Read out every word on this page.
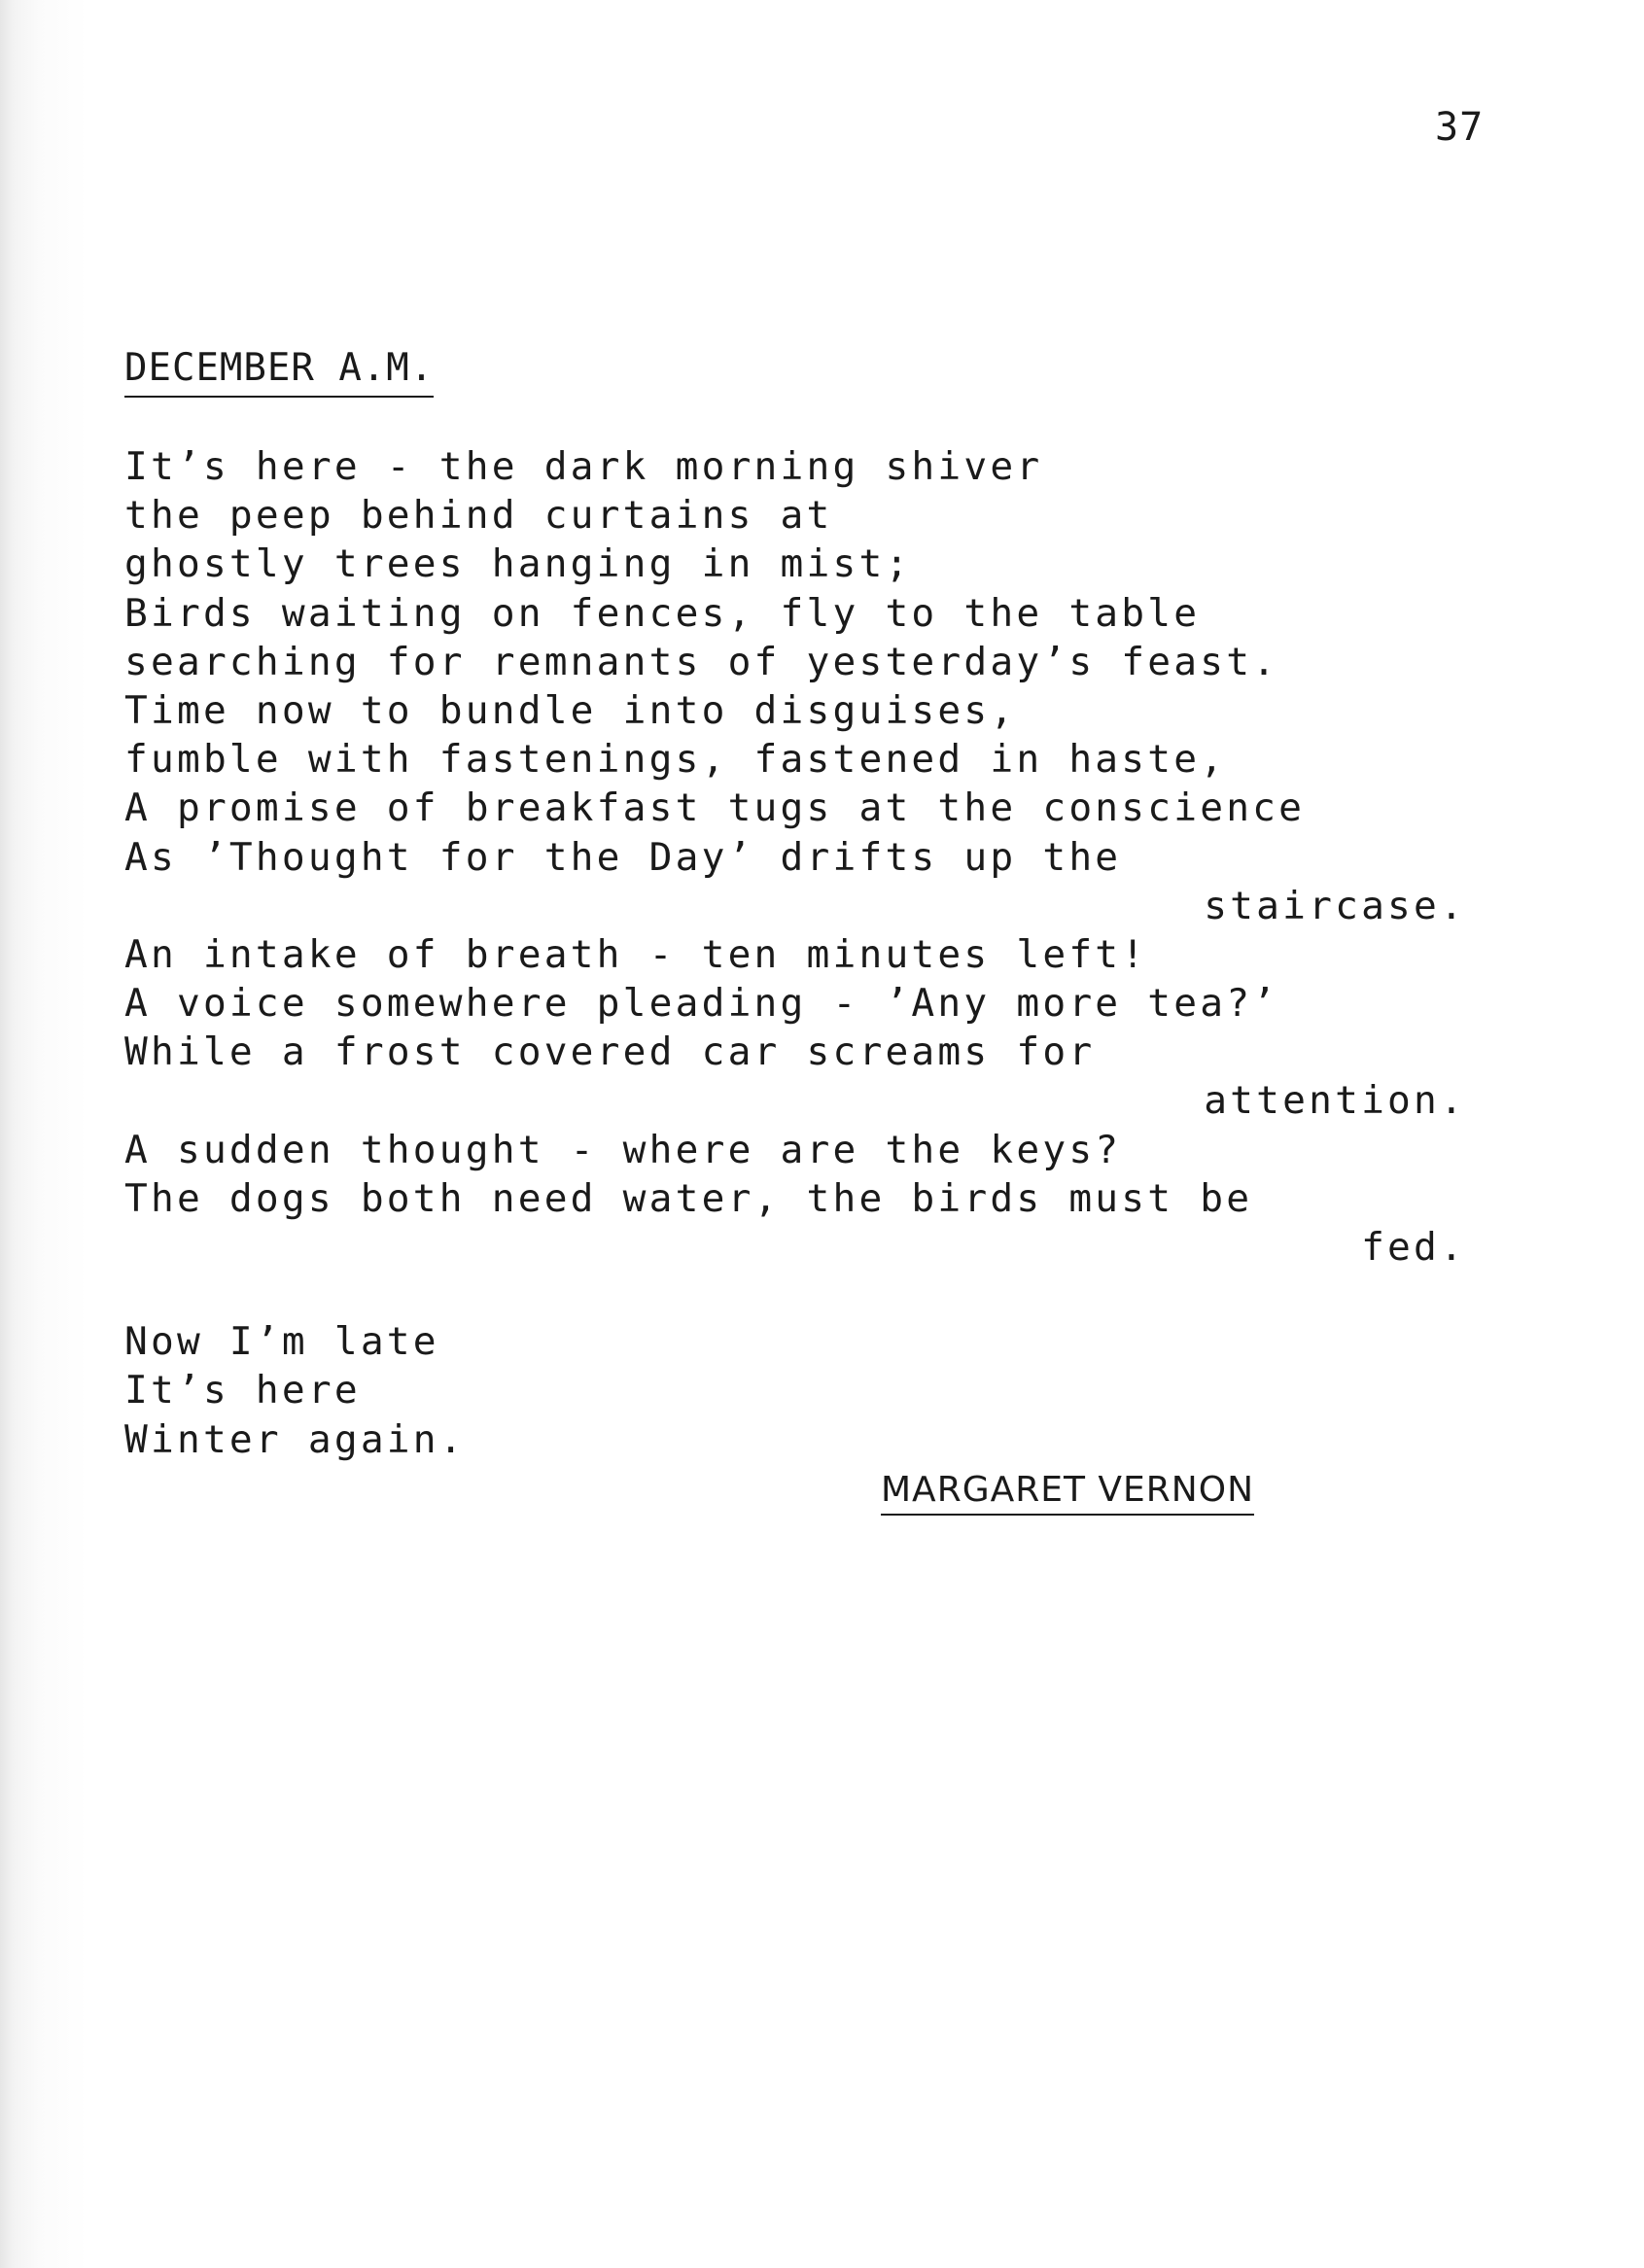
37
DECEMBER A.M.
It’s here - the dark morning shiver
the peep behind curtains at
ghostly trees hanging in mist;
Birds waiting on fences, fly to the table
searching for remnants of yesterday’s feast.
Time now to bundle into disguises,
fumble with fastenings, fastened in haste,
A promise of breakfast tugs at the conscience
As ’Thought for the Day’ drifts up the
staircase.
An intake of breath - ten minutes left!
A voice somewhere pleading - ’Any more tea?’
While a frost covered car screams for
attention.
A sudden thought - where are the keys?
The dogs both need water, the birds must be
fed.
Now I’m late
It’s here
Winter again.
MARGARET VERNON
